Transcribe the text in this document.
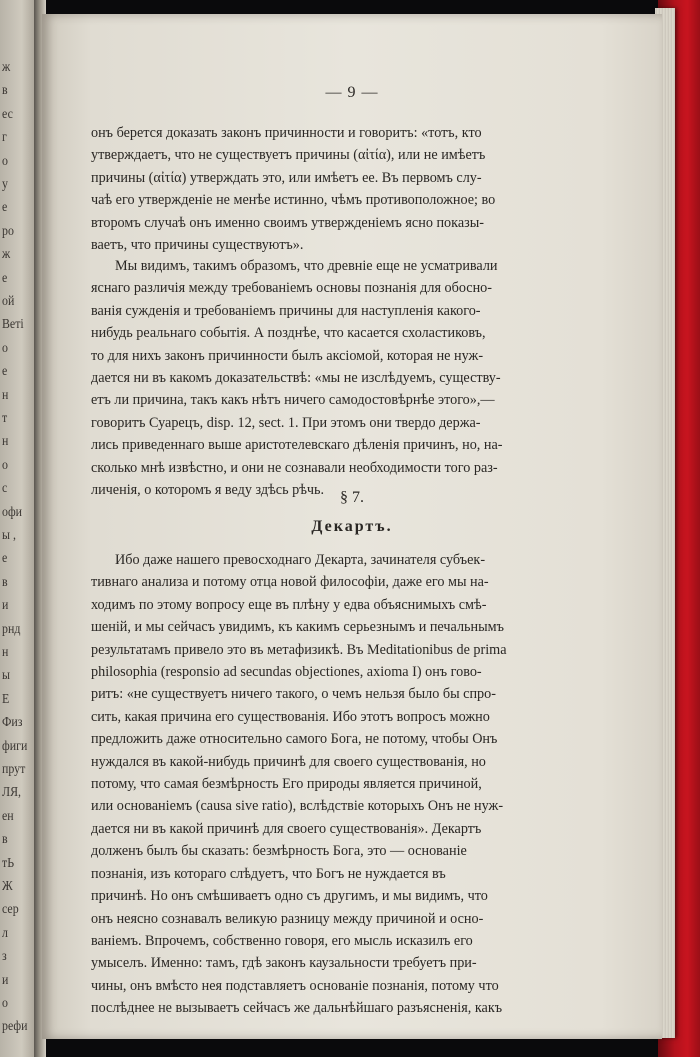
ж
в
ес
г
о
у
е
ро
ж
e
ой
Веті
о
е
н
т
н
о
с
офи
ы ,
е
в
и
рнд
н
ы
Е
Физ
фиги
прут
ЛЯ,
ен
в
тЬ
Ж
сер
л
з
и
о
рефи
— 9 —
онъ берется доказать законъ причинности и говоритъ: «тотъ, кто
утверждаетъ, что не существуетъ причины (αἰτία), или не имѣетъ
причины (αἰτία) утверждать это, или имѣетъ ее. Въ первомъ слу-
чаѣ его утвержденіе не менѣе истинно, чѣмъ противоположное; во
второмъ случаѣ онъ именно своимъ утвержденіемъ ясно показы-
ваетъ, что причины существуютъ».
Мы видимъ, такимъ образомъ, что древніе еще не усматривали
яснаго различія между требованіемъ основы познанія для обосно-
ванія сужденія и требованіемъ причины для наступленія какого-
нибудь реальнаго событія. А позднѣе, что касается схоластиковъ,
то для нихъ законъ причинности былъ аксіомой, которая не нуж-
дается ни въ какомъ доказательствѣ: «мы не изслѣдуемъ, существу-
етъ ли причина, такъ какъ нѣтъ ничего самодостовѣрнѣе этого»,—
говоритъ Суарецъ, disp. 12, sect. 1. При этомъ они твердо держа-
лись приведеннаго выше аристотелевскаго дѣленія причинъ, но, на-
сколько мнѣ извѣстно, и они не сознавали необходимости того раз-
личенія, о которомъ я веду здѣсь рѣчь. § 7.
Декартъ.
Ибо даже нашего превосходнаго Декарта, зачинателя субъек-
тивнаго анализа и потому отца новой философіи, даже его мы на-
ходимъ по этому вопросу еще въ плѣну у едва объяснимыхъ смѣ-
шеній, и мы сейчасъ увидимъ, къ какимъ серьезнымъ и печальнымъ
результатамъ привело это въ метафизикѣ. Въ Meditationibus de prima
philosophia (responsio ad secundas objectiones, axioma I) онъ гово-
ритъ: «не существуетъ ничего такого, о чемъ нельзя было бы спро-
сить, какая причина его существованія. Ибо этотъ вопросъ можно
предложить даже относительно самого Бога, не потому, чтобы Онъ
нуждался въ какой-нибудь причинѣ для своего существованія, но
потому, что самая безмѣрность Его природы является причиной,
или основаніемъ (causa sive ratio), вслѣдствіе которыхъ Онъ не нуж-
дается ни въ какой причинѣ для своего существованія». Декартъ
долженъ былъ бы сказать: безмѣрность Бога, это — основаніе
познанія, изъ котораго слѣдуетъ, что Богъ не нуждается въ
причинѣ. Но онъ смѣшиваетъ одно съ другимъ, и мы видимъ, что
онъ неясно сознавалъ великую разницу между причиной и осно-
ваніемъ. Впрочемъ, собственно говоря, его мысль исказилъ его
умыселъ. Именно: тамъ, гдѣ законъ каузальности требуетъ при-
чины, онъ вмѣсто нея подставляетъ основаніе познанія, потому что
послѣднее не вызываетъ сейчасъ же дальнѣйшаго разъясненія, какъ
